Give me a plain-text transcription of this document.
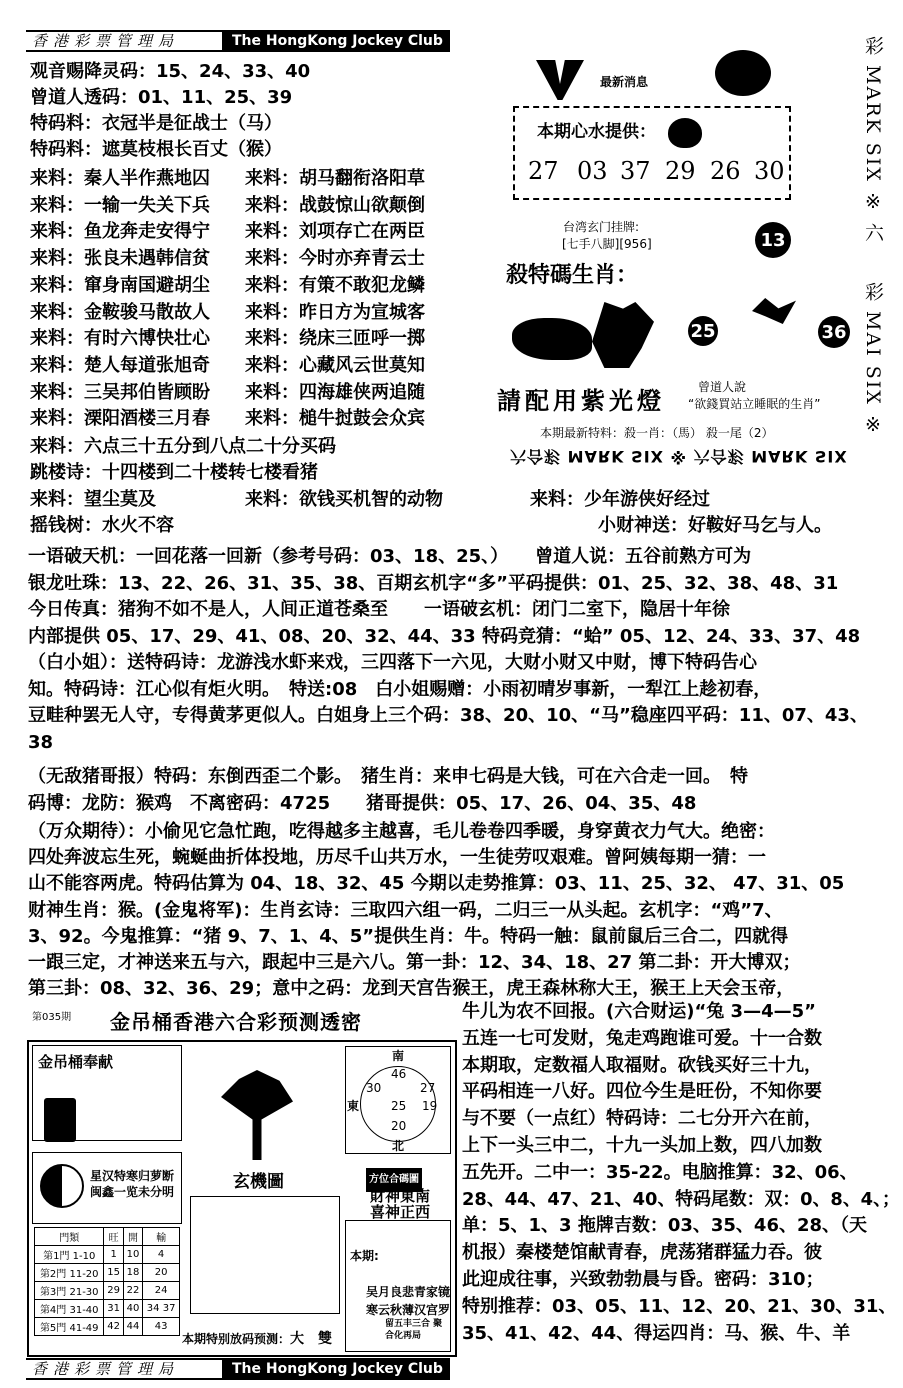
香港彩票管理局	The HongKong Jockey Club
观音赐降灵码：15、24、33、40
曾道人透码：01、11、25、39
特码料：衣冠半是征战士（马）
特码料：遮莫枝根长百丈（猴）
来料：秦人半作燕地囚 来料：胡马翻衔洛阳草
来料：一输一失关下兵 来料：战鼓惊山欲颠倒
来料：鱼龙奔走安得宁 来料：刘项存亡在两臣
来料：张良未遇韩信贫 来料：今时亦弃青云士
来料：窜身南国避胡尘 来料：有策不敢犯龙鳞
来料：金鞍骏马散故人 来料：昨日方为宣城客
来料：有时六博快壮心 来料：绕床三匝呼一掷
来料：楚人每道张旭奇 来料：心藏风云世莫知
来料：三吴邦伯皆顾盼 来料：四海雄侠两追随
来料：溧阳酒楼三月春 来料：槌牛挝鼓会众宾
来料：六点三十五分到八点二十分买码
跳楼诗：十四楼到二十楼转七楼看猪
来料：望尘莫及	来料：欲钱买机智的动物	来料：少年游侠好经过
摇钱树：水火不容	小财神送：好鞍好马乞与人。
最新消息
本期心水提供：
27 03 37 29 26 30
台湾玄门挂牌:
[七手八脚][956]	13
殺特碼生肖：
25	36
請配用紫光燈	曾道人說
“欲錢買站立睡眠的生肖”
本期最新特料：殺一肖：（馬） 殺一尾（2）
六合彩 MARK SIX ※ 六合彩 MARK SIX
彩 MARK SIX ※ 六
彩 MAI SIX ※
一语破天机：一回花落一回新（参考号码：03、18、25、）　　曾道人说：五谷前熟方可为
银龙吐珠：13、22、26、31、35、38、百期玄机字“多”平码提供：01、25、32、38、48、31
今日传真：猪狗不如不是人，人间正道苍桑至　　一语破玄机：闭门二室下，隐居十年徐
内部提供 05、17、29、41、08、20、32、44、33 特码竞猜：“蛤” 05、12、24、33、37、48
（白小姐）：送特码诗：龙游浅水虾来戏，三四落下一六见，大财小财又中财，博下特码告心
知。特码诗：江心似有炬火明。　特送:08　白小姐赐赠：小雨初晴岁事新，一犁江上趁初春，
豆畦种罢无人守，专得黄茅更似人。白姐身上三个码：38、20、10、“马”稳座四平码：11、07、43、
38
（无敌猪哥报）特码：东倒西歪二个影。　猪生肖：来申七码是大钱，可在六合走一回。　特
码博：龙防：猴鸡　不离密码：4725　　猪哥提供：05、17、26、04、35、48
（万众期待）：小偷见它急忙跑，吃得越多主越喜，毛儿卷卷四季暖，身穿黄衣力气大。绝密：
四处奔波忘生死，蜿蜒曲折体投地，历尽千山共万水，一生徒劳叹艰难。曾阿姨每期一猜：一
山不能容两虎。特码估算为 04、18、32、45 今期以走势推算：03、11、25、32、 47、31、05
财神生肖：猴。(金鬼将军)：生肖玄诗：三取四六组一码，二归三一从头起。玄机字：“鸡”7、
3、92。今鬼推算：“猪 9、7、1、4、5”提供生肖：牛。特码一触：鼠前鼠后三合二，四就得
一跟三定，才神送来五与六，跟起中三是六八。第一卦：12、34、18、27 第二卦：开大博双；
第三卦：08、32、36、29；意中之码：龙到天宫告猴王，虎王森林称大王，猴王上天会玉帝，
牛儿为农不回报。(六合财运)“兔 3—4—5”
五连一七可发财，兔走鸡跑谁可爱。十一合数
本期取，定数福人取福财。砍钱买好三十九，
平码相连一八好。四位今生是旺份，不知你要
与不要（一点红）特码诗：二七分开六在前，
上下一头三中二，十九一头加上数，四八加数
五先开。二中一：35-22。电脑推算：32、06、
28、44、47、21、40、特码尾数：双：0、8、4、；
单：5、1、3 拖牌吉数：03、35、46、28、（天
机报）秦楼楚馆献青春，虎荡猪群猛力吞。彼
此迎成往事，兴致勃勃晨与昏。密码：310；
特别推荐：03、05、11、12、20、21、30、31、
35、41、42、44、得运四肖：马、猴、牛、羊
第035期 金吊桶香港六合彩预测透密
金吊桶奉献
星汉特寒归萝断　闽鑫一览未分明
門類	旺	開	輸
第1門 1-10	1	10	4
第2門 11-20	15	18	20
第3門 21-30	29	22	24
第4門 31-40	31	40	34 37
第5門 41-49	42	44	43
玄機圖
本期特别放码预测： 大　雙
南
東
北
46
27
30
19
25
20
方位合碼圖
財神東南
喜神正西
本期:
吴月良悲青家镜
寒云秋薄汉宫罗
留五丰三合 聚合化再局
香港彩票管理局	The HongKong Jockey Club
